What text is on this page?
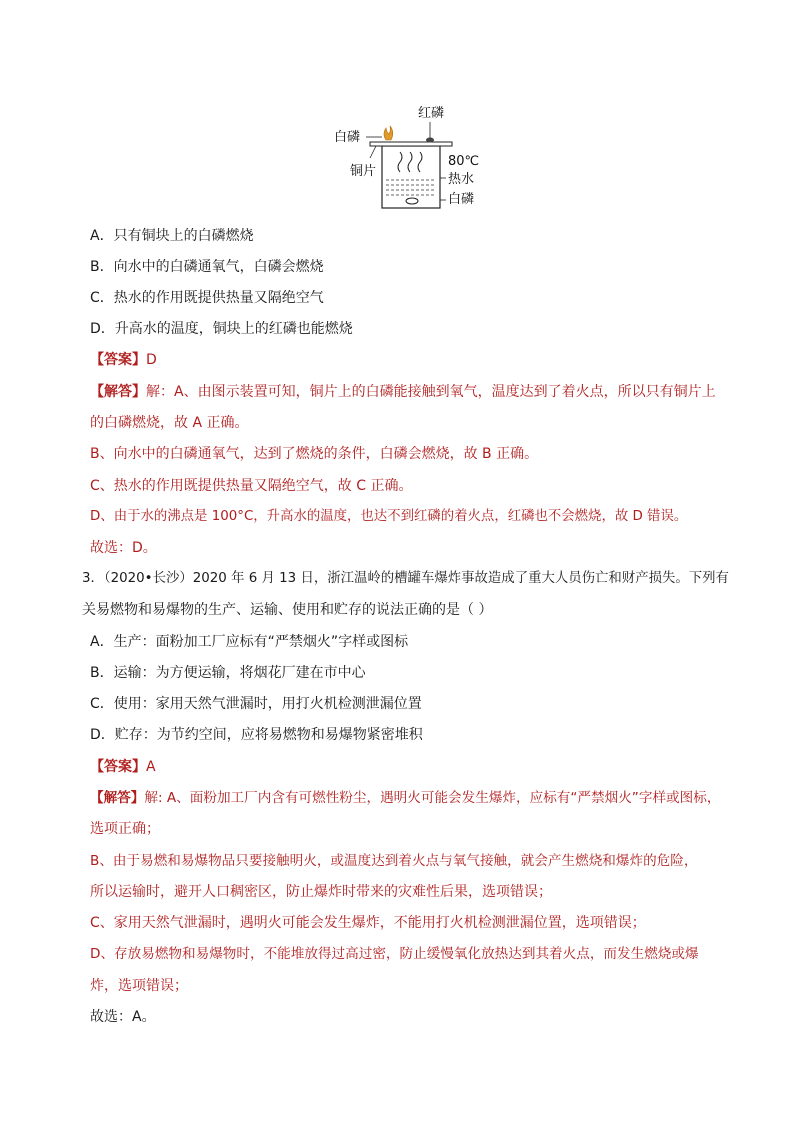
红磷
白磷
铜片
80℃
热水
白磷
A．只有铜块上的白磷燃烧
B．向水中的白磷通氧气，白磷会燃烧
C．热水的作用既提供热量又隔绝空气
D．升高水的温度，铜块上的红磷也能燃烧
【答案】D
【解答】解：A、由图示装置可知，铜片上的白磷能接触到氧气，温度达到了着火点，所以只有铜片上
的白磷燃烧，故 A 正确。
B、向水中的白磷通氧气，达到了燃烧的条件，白磷会燃烧，故 B 正确。
C、热水的作用既提供热量又隔绝空气，故 C 正确。
D、由于水的沸点是 100°C，升高水的温度，也达不到红磷的着火点，红磷也不会燃烧，故 D 错误。
故选：D。
3．（2020•长沙）2020 年 6 月 13 日，浙江温岭的槽罐车爆炸事故造成了重大人员伤亡和财产损失。下列有
关易燃物和易爆物的生产、运输、使用和贮存的说法正确的是（ ）
A．生产：面粉加工厂应标有“严禁烟火”字样或图标
B．运输：为方便运输，将烟花厂建在市中心
C．使用：家用天然气泄漏时，用打火机检测泄漏位置
D．贮存：为节约空间，应将易燃物和易爆物紧密堆积
【答案】A
【解答】解: A、面粉加工厂内含有可燃性粉尘，遇明火可能会发生爆炸，应标有“严禁烟火”字样或图标，
选项正确；
B、由于易燃和易爆物品只要接触明火，或温度达到着火点与氧气接触，就会产生燃烧和爆炸的危险，
所以运输时，避开人口稠密区，防止爆炸时带来的灾难性后果，选项错误；
C、家用天然气泄漏时，遇明火可能会发生爆炸，不能用打火机检测泄漏位置，选项错误；
D、存放易燃物和易爆物时，不能堆放得过高过密，防止缓慢氧化放热达到其着火点，而发生燃烧或爆
炸，选项错误；
故选：A。
